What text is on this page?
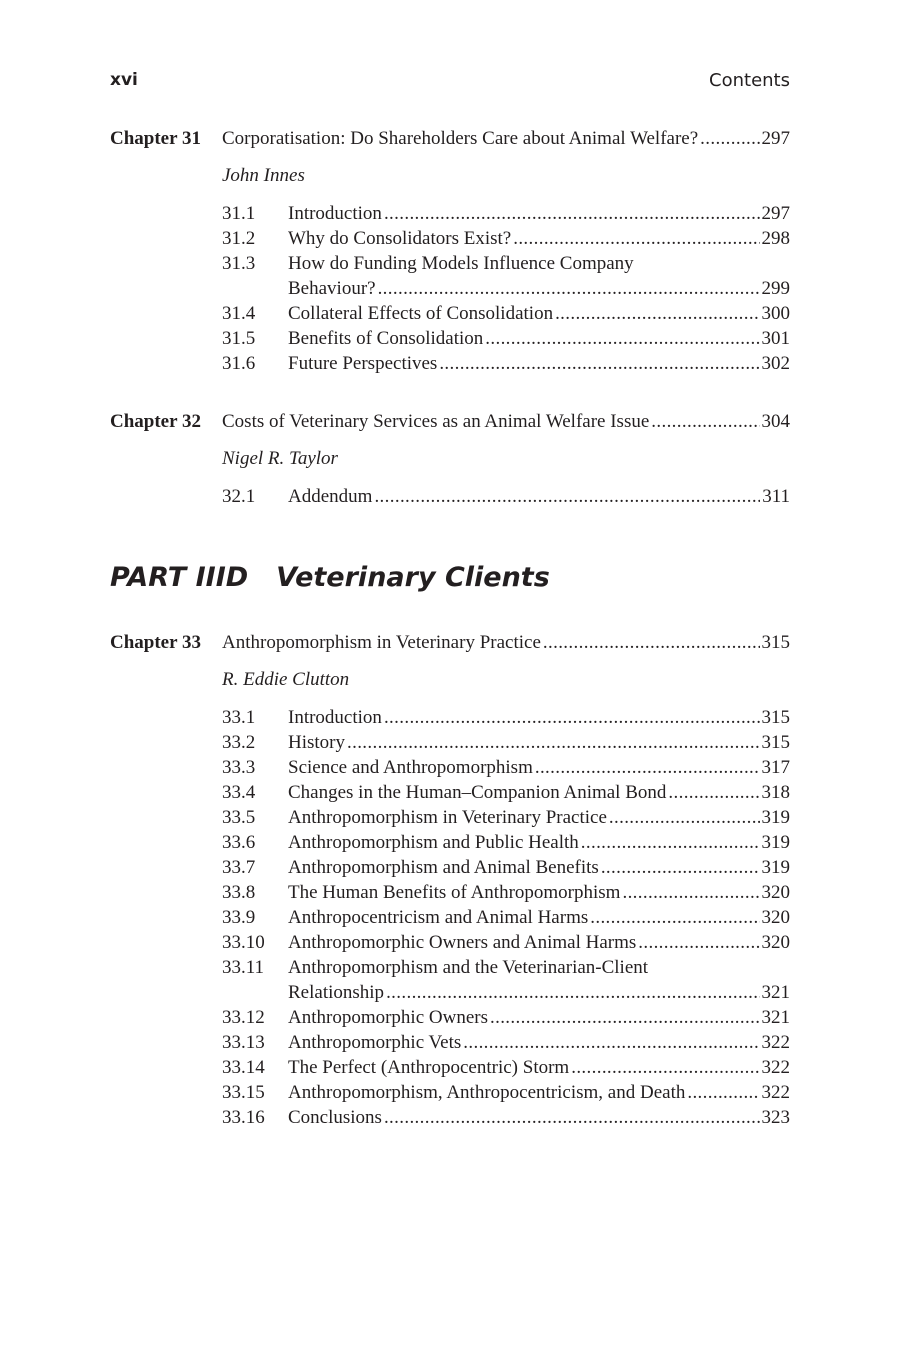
xvi	Contents
Chapter 31 Corporatisation: Do Shareholders Care about Animal Welfare? . . .	297
John Innes
31.1 Introduction . . .	297
31.2 Why do Consolidators Exist? . . .	298
31.3 How do Funding Models Influence Company
Behaviour? . . .	299
31.4 Collateral Effects of Consolidation . . .	300
31.5 Benefits of Consolidation . . .	301
31.6 Future Perspectives . . .	302
Chapter 32 Costs of Veterinary Services as an Animal Welfare Issue . . .	304
Nigel R. Taylor
32.1 Addendum . . .	311
PART IIID Veterinary Clients
Chapter 33 Anthropomorphism in Veterinary Practice . . .	315
R. Eddie Clutton
33.1 Introduction . . .	315
33.2 History . . .	315
33.3 Science and Anthropomorphism . . .	317
33.4 Changes in the Human–Companion Animal Bond . . .	318
33.5 Anthropomorphism in Veterinary Practice . . .	319
33.6 Anthropomorphism and Public Health . . .	319
33.7 Anthropomorphism and Animal Benefits . . .	319
33.8 The Human Benefits of Anthropomorphism . . .	320
33.9 Anthropocentricism and Animal Harms . . .	320
33.10 Anthropomorphic Owners and Animal Harms . . .	320
33.11 Anthropomorphism and the Veterinarian-Client
Relationship . . .	321
33.12 Anthropomorphic Owners . . .	321
33.13 Anthropomorphic Vets . . .	322
33.14 The Perfect (Anthropocentric) Storm . . .	322
33.15 Anthropomorphism, Anthropocentricism, and Death . . .	322
33.16 Conclusions . . .	323
